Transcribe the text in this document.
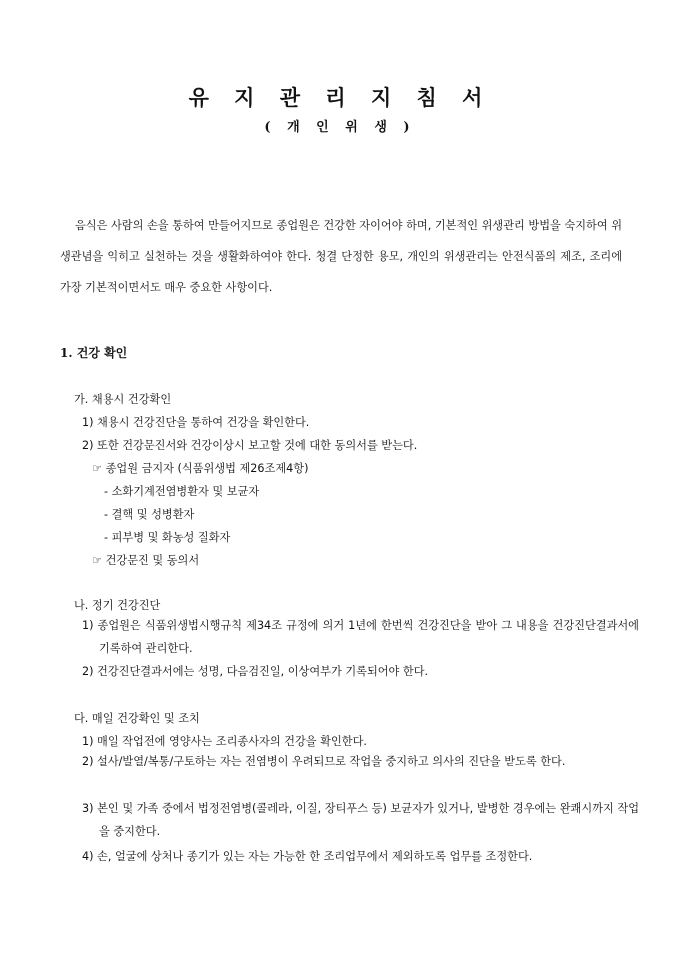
유 지 관 리 지 침 서
( 개 인 위 생 )

음식은 사람의 손을 통하여 만들어지므로 종업원은 건강한 자이어야 하며, 기본적인 위생관리 방법을 숙지하여 위생관념을 익히고 실천하는 것을 생활화하여야 한다. 청결 단정한 용모, 개인의 위생관리는 안전식품의 제조, 조리에 가장 기본적이면서도 매우 중요한 사항이다.

1. 건강 확인
가. 채용시 건강확인
1) 채용시 건강진단을 통하여 건강을 확인한다.
2) 또한 건강문진서와 건강이상시 보고할 것에 대한 동의서를 받는다.
☞ 종업원 금지자 (식품위생법 제26조제4항)
- 소화기계전염병환자 및 보균자
- 결핵 및 성병환자
- 피부병 및 화농성 질화자
☞ 건강문진 및 동의서
나. 정기 건강진단
1) 종업원은 식품위생법시행규칙 제34조 규정에 의거 1년에 한번씩 건강진단을 받아 그 내용을 건강진단결과서에 기록하여 관리한다.
2) 건강진단결과서에는 성명, 다음검진일, 이상여부가 기록되어야 한다.
다. 매일 건강확인 및 조치
1) 매일 작업전에 영양사는 조리종사자의 건강을 확인한다.
2) 설사/발열/복통/구토하는 자는 전염병이 우려되므로 작업을 중지하고 의사의 진단을 받도록 한다.
3) 본인 및 가족 중에서 법정전염병(콜레라, 이질, 장티푸스 등) 보균자가 있거나, 발병한 경우에는 완쾌시까지 작업을 중지한다.
4) 손, 얼굴에 상처나 종기가 있는 자는 가능한 한 조리업무에서 제외하도록 업무를 조정한다.
